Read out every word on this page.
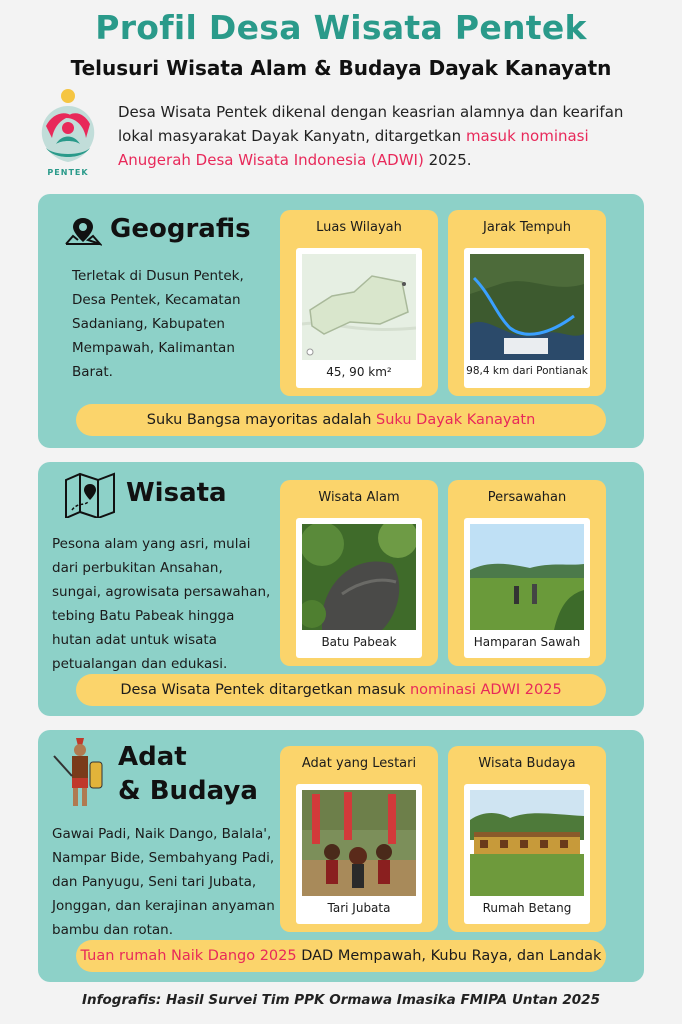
Profil Desa Wisata Pentek
Telusuri Wisata Alam & Budaya Dayak Kanayatn
PENTEK
Desa Wisata Pentek dikenal dengan keasrian alamnya dan kearifan lokal masyarakat Dayak Kanyatn, ditargetkan masuk nominasi Anugerah Desa Wisata Indonesia (ADWI) 2025.
Geografis
Terletak di Dusun Pentek, Desa Pentek, Kecamatan Sadaniang, Kabupaten Mempawah, Kalimantan Barat.
Luas Wilayah
45, 90 km²
Jarak Tempuh
98,4 km dari Pontianak
Suku Bangsa mayoritas adalah Suku Dayak Kanayatn
Wisata
Pesona alam yang asri, mulai dari perbukitan Ansahan, sungai, agrowisata persawahan, tebing Batu Pabeak hingga hutan adat untuk wisata petualangan dan edukasi.
Wisata Alam
Batu Pabeak
Persawahan
Hamparan Sawah
Desa Wisata Pentek ditargetkan masuk nominasi ADWI 2025
Adat
& Budaya
Gawai Padi, Naik Dango, Balala', Nampar Bide, Sembahyang Padi, dan Panyugu, Seni tari Jubata, Jonggan, dan kerajinan anyaman bambu dan rotan.
Adat yang Lestari
Tari Jubata
Wisata Budaya
Rumah Betang
Tuan rumah Naik Dango 2025 DAD Mempawah, Kubu Raya, dan Landak
Infografis: Hasil Survei Tim PPK Ormawa Imasika FMIPA Untan 2025
